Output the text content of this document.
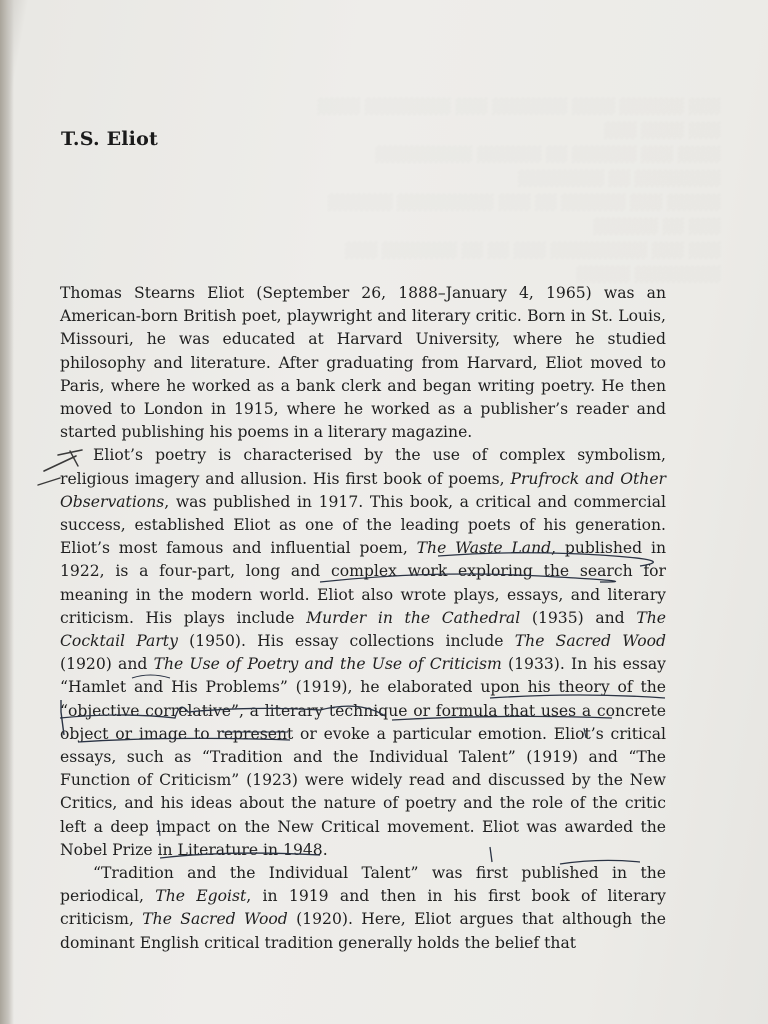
░░░ ░░░░░░ ░░░░ ░░░░░░░ ░░░ ░░░░░░░░ ░░░░ ░░░ ░░░░ ░░░
░░░░ ░░░ ░░░░░░ ░░ ░░░░░░ ░░░░░░░░░ ░░░░░░░░ ░░ ░░░░░░░░
░░░░░ ░░░ ░░░░░░ ░░ ░░░ ░░░░░░░░░ ░░░░░░ ░░░ ░░ ░░░░░░
░░░ ░░░ ░░░░░░░░░ ░░░ ░░ ░░ ░░░░░░░ ░░░ ░░░░░░░░ ░░░░░

T.S. Eliot

Thomas Stearns Eliot (September 26, 1888–January 4, 1965) was an American-born British poet, playwright and literary critic. Born in St. Louis, Missouri, he was educated at Harvard University, where he studied philosophy and literature. After graduating from Harvard, Eliot moved to Paris, where he worked as a bank clerk and began writing poetry. He then moved to London in 1915, where he worked as a publisher’s reader and started publishing his poems in a literary magazine.

Eliot’s poetry is characterised by the use of complex symbolism, religious imagery and allusion. His first book of poems, Prufrock and Other Observations, was published in 1917. This book, a critical and commercial success, established Eliot as one of the leading poets of his generation. Eliot’s most famous and influential poem, The Waste Land, published in 1922, is a four-part, long and complex work exploring the search for meaning in the modern world. Eliot also wrote plays, essays, and literary criticism. His plays include Murder in the Cathedral (1935) and The Cocktail Party (1950). His essay collections include The Sacred Wood (1920) and The Use of Poetry and the Use of Criticism (1933). In his essay “Hamlet and His Problems” (1919), he elaborated upon his theory of the “objective correlative”, a literary technique or formula that uses a concrete object or image to represent or evoke a particular emotion. Eliot’s critical essays, such as “Tradition and the Individual Talent” (1919) and “The Function of Criticism” (1923) were widely read and discussed by the New Critics, and his ideas about the nature of poetry and the role of the critic left a deep impact on the New Critical movement. Eliot was awarded the Nobel Prize in Literature in 1948.

“Tradition and the Individual Talent” was first published in the periodical, The Egoist, in 1919 and then in his first book of literary criticism, The Sacred Wood (1920). Here, Eliot argues that although the dominant English critical tradition generally holds the belief that
